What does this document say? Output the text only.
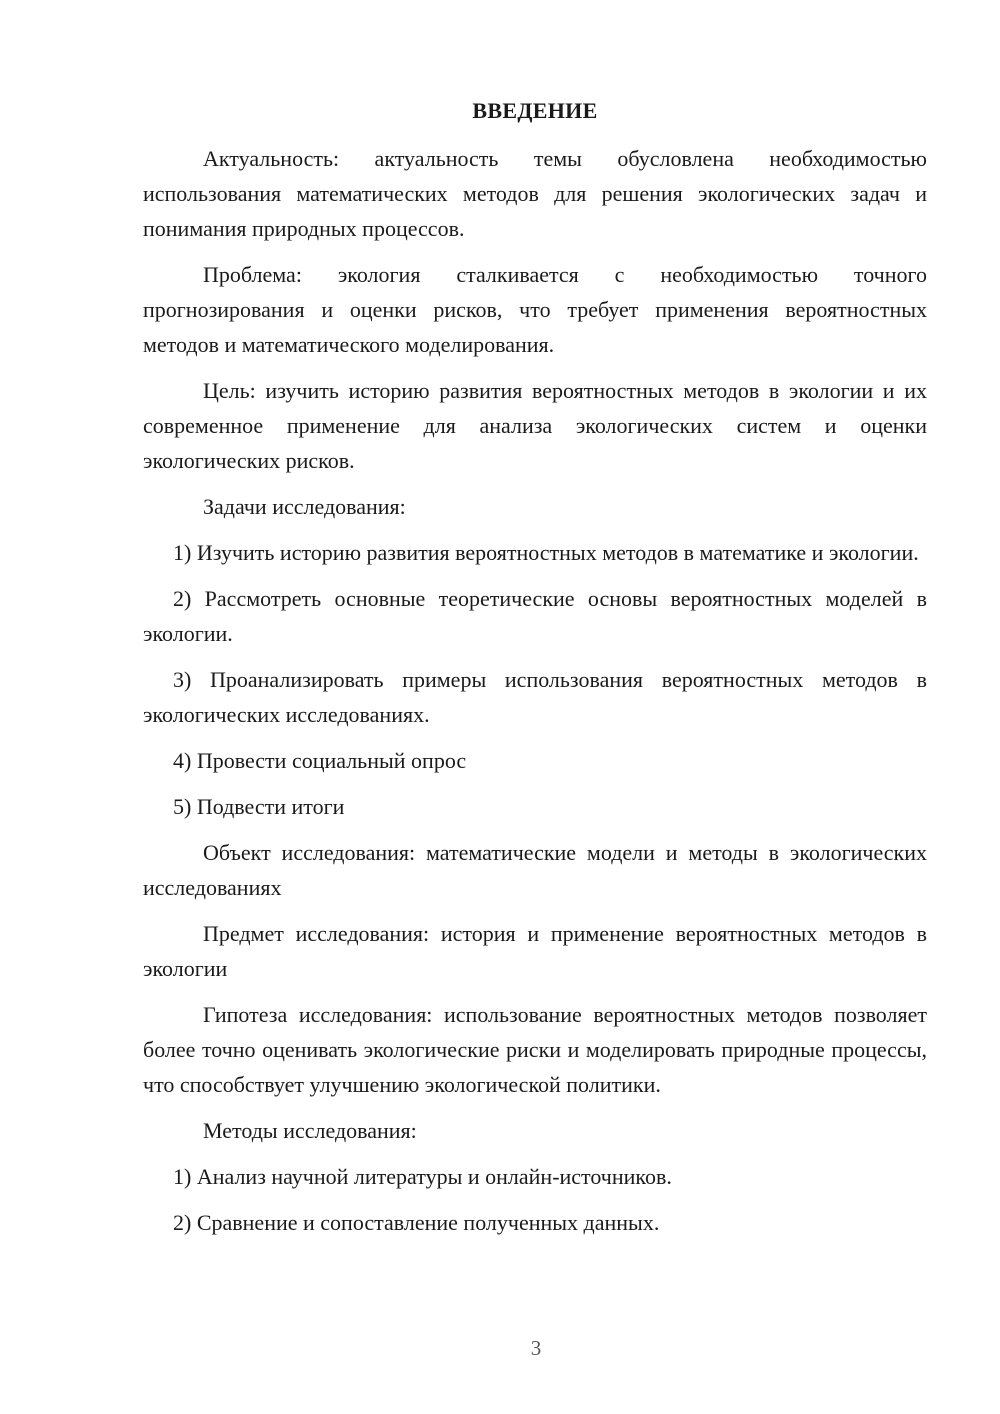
ВВЕДЕНИЕ

Актуальность: актуальность темы обусловлена необходимостью использования математических методов для решения экологических задач и понимания природных процессов.

Проблема: экология сталкивается с необходимостью точного прогнозирования и оценки рисков, что требует применения вероятностных методов и математического моделирования.

Цель: изучить историю развития вероятностных методов в экологии и их современное применение для анализа экологических систем и оценки экологических рисков.

Задачи исследования:

1) Изучить историю развития вероятностных методов в математике и экологии.

2) Рассмотреть основные теоретические основы вероятностных моделей в экологии.

3) Проанализировать примеры использования вероятностных методов в экологических исследованиях.

4) Провести социальный опрос

5) Подвести итоги

Объект исследования: математические модели и методы в экологических исследованиях

Предмет исследования: история и применение вероятностных методов в экологии

Гипотеза исследования: использование вероятностных методов позволяет более точно оценивать экологические риски и моделировать природные процессы, что способствует улучшению экологической политики.

Методы исследования:

1) Анализ научной литературы и онлайн-источников.

2) Сравнение и сопоставление полученных данных.

3
